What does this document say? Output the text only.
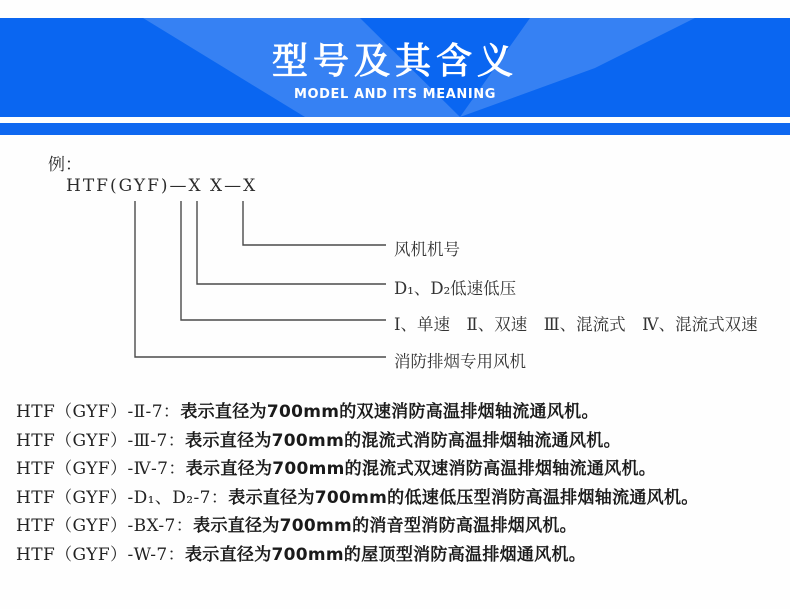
型号及其含义
MODEL AND ITS MEANING
例：
HTF(GYF)—X X—X
风机机号
D₁、D₂低速低压
Ⅰ、单速　Ⅱ、双速　Ⅲ、混流式　Ⅳ、混流式双速
消防排烟专用风机
HTF（GYF）-Ⅱ-7：表示直径为700mm的双速消防高温排烟轴流通风机。
HTF（GYF）-Ⅲ-7：表示直径为700mm的混流式消防高温排烟轴流通风机。
HTF（GYF）-Ⅳ-7：表示直径为700mm的混流式双速消防高温排烟轴流通风机。
HTF（GYF）-D₁、D₂-7：表示直径为700mm的低速低压型消防高温排烟轴流通风机。
HTF（GYF）-BX-7：表示直径为700mm的消音型消防高温排烟风机。
HTF（GYF）-W-7：表示直径为700mm的屋顶型消防高温排烟通风机。
